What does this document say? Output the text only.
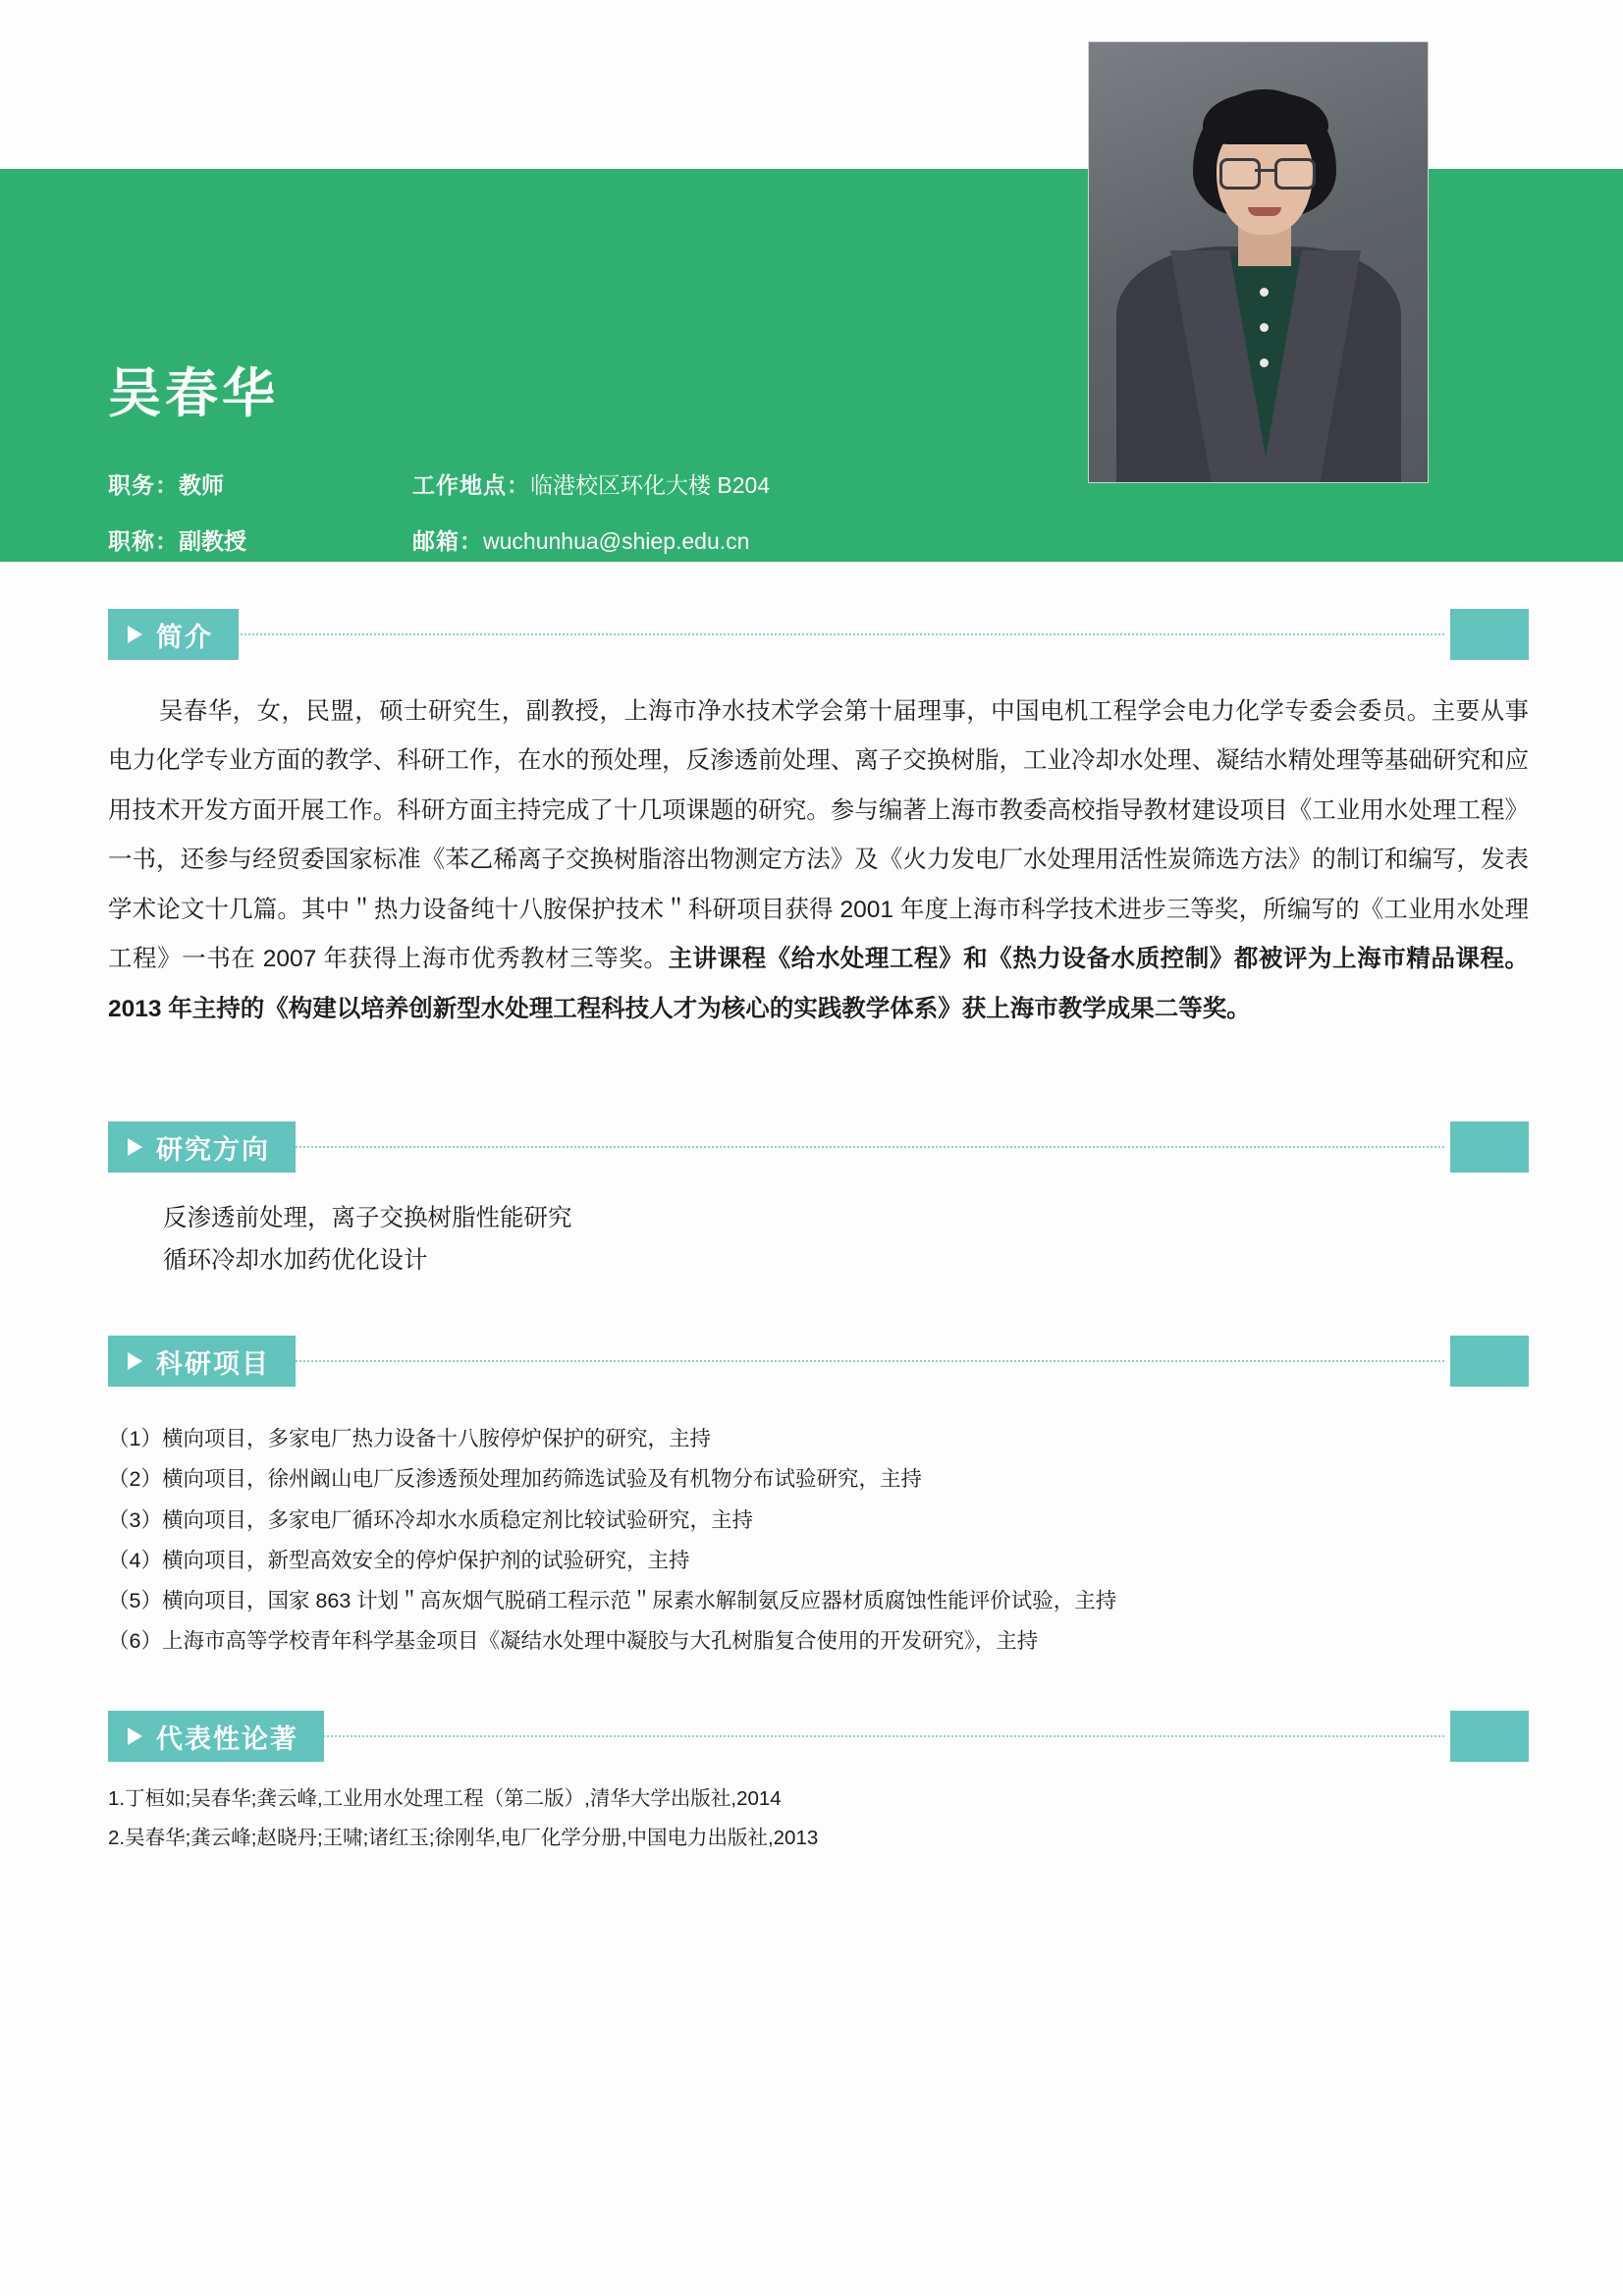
吴春华
职务：教师	工作地点：临港校区环化大楼 B204
职称：副教授	邮箱：wuchunhua@shiep.edu.cn
简介

吴春华，女，民盟，硕士研究生，副教授，上海市净水技术学会第十届理事，中国电机工程学会电力化学专委会委员。主要从事电力化学专业方面的教学、科研工作，在水的预处理，反渗透前处理、离子交换树脂，工业冷却水处理、凝结水精处理等基础研究和应用技术开发方面开展工作。科研方面主持完成了十几项课题的研究。参与编著上海市教委高校指导教材建设项目《工业用水处理工程》一书，还参与经贸委国家标准《苯乙稀离子交换树脂溶出物测定方法》及《火力发电厂水处理用活性炭筛选方法》的制订和编写，发表学术论文十几篇。其中＂热力设备纯十八胺保护技术＂科研项目获得 2001 年度上海市科学技术进步三等奖，所编写的《工业用水处理工程》一书在 2007 年获得上海市优秀教材三等奖。主讲课程《给水处理工程》和《热力设备水质控制》都被评为上海市精品课程。2013 年主持的《构建以培养创新型水处理工程科技人才为核心的实践教学体系》获上海市教学成果二等奖。

研究方向
反渗透前处理，离子交换树脂性能研究
循环冷却水加药优化设计
科研项目
（1）横向项目，多家电厂热力设备十八胺停炉保护的研究，主持
（2）横向项目，徐州阚山电厂反渗透预处理加药筛选试验及有机物分布试验研究，主持
（3）横向项目，多家电厂循环冷却水水质稳定剂比较试验研究，主持
（4）横向项目，新型高效安全的停炉保护剂的试验研究，主持
（5）横向项目，国家 863 计划＂高灰烟气脱硝工程示范＂尿素水解制氨反应器材质腐蚀性能评价试验，主持
（6）上海市高等学校青年科学基金项目《凝结水处理中凝胶与大孔树脂复合使用的开发研究》，主持
代表性论著
1.丁桓如;吴春华;龚云峰,工业用水处理工程（第二版）,清华大学出版社,2014
2.吴春华;龚云峰;赵晓丹;王啸;诸红玉;徐刚华,电厂化学分册,中国电力出版社,2013
